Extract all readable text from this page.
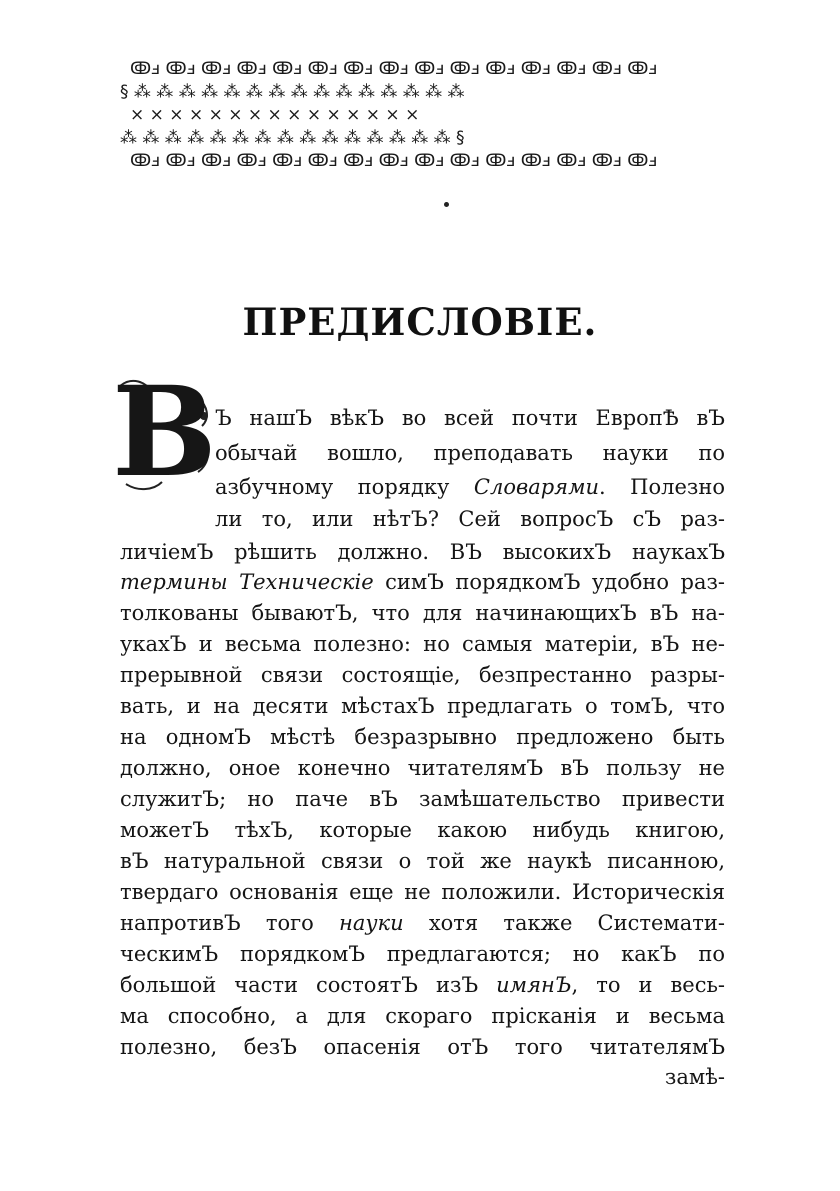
ↂⅎ ↂⅎ ↂⅎ ↂⅎ ↂⅎ ↂⅎ ↂⅎ ↂⅎ ↂⅎ ↂⅎ ↂⅎ ↂⅎ ↂⅎ ↂⅎ ↂⅎ
§ ⁂ ⁂ ⁂ ⁂ ⁂ ⁂ ⁂ ⁂ ⁂ ⁂ ⁂ ⁂ ⁂ ⁂ ⁂
× × × × × × × × × × × × × × ×
⁂ ⁂ ⁂ ⁂ ⁂ ⁂ ⁂ ⁂ ⁂ ⁂ ⁂ ⁂ ⁂ ⁂ ⁂ §
ↂⅎ ↂⅎ ↂⅎ ↂⅎ ↂⅎ ↂⅎ ↂⅎ ↂⅎ ↂⅎ ↂⅎ ↂⅎ ↂⅎ ↂⅎ ↂⅎ ↂⅎ
ПРЕДИСЛОВІЕ.
В

Ъ нашЪ вѣкЪ во всей почти ЕвропѢ вЪ

обычай вошло, преподавать науки по

азбучному порядку Словарями. Полезно

ли то, или нѣтЪ? Сей вопросЪ сЪ раз-

личіемЪ рѣшить должно. ВЪ высокихЪ наукахЪ

термины Техническіе симЪ порядкомЪ удобно раз-

толкованы бываютЪ, что для начинающихЪ вЪ на-

укахЪ и весьма полезно: но самыя матеріи, вЪ не-

прерывной связи состоящіе, безпрестанно разры-

вать, и на десяти мѣстахЪ предлагать о томЪ, что

на одномЪ мѣстѣ безразрывно предложено быть

должно, оное конечно читателямЪ вЪ пользу не

служитЪ; но паче вЪ замѣшательство привести

можетЪ тѣхЪ, которые какою нибудь книгою,

вЪ натуральной связи о той же наукѣ писанною,

твердаго основанія еще не положили. Историческія

напротивЪ того науки хотя также Системати-

ческимЪ порядкомЪ предлагаются; но какЪ по

большой части состоятЪ изЪ имянЪ, то и весь-

ма способно, а для скораго прісканія и весьма

полезно, безЪ опасенія отЪ того читателямЪ

замѣ-
